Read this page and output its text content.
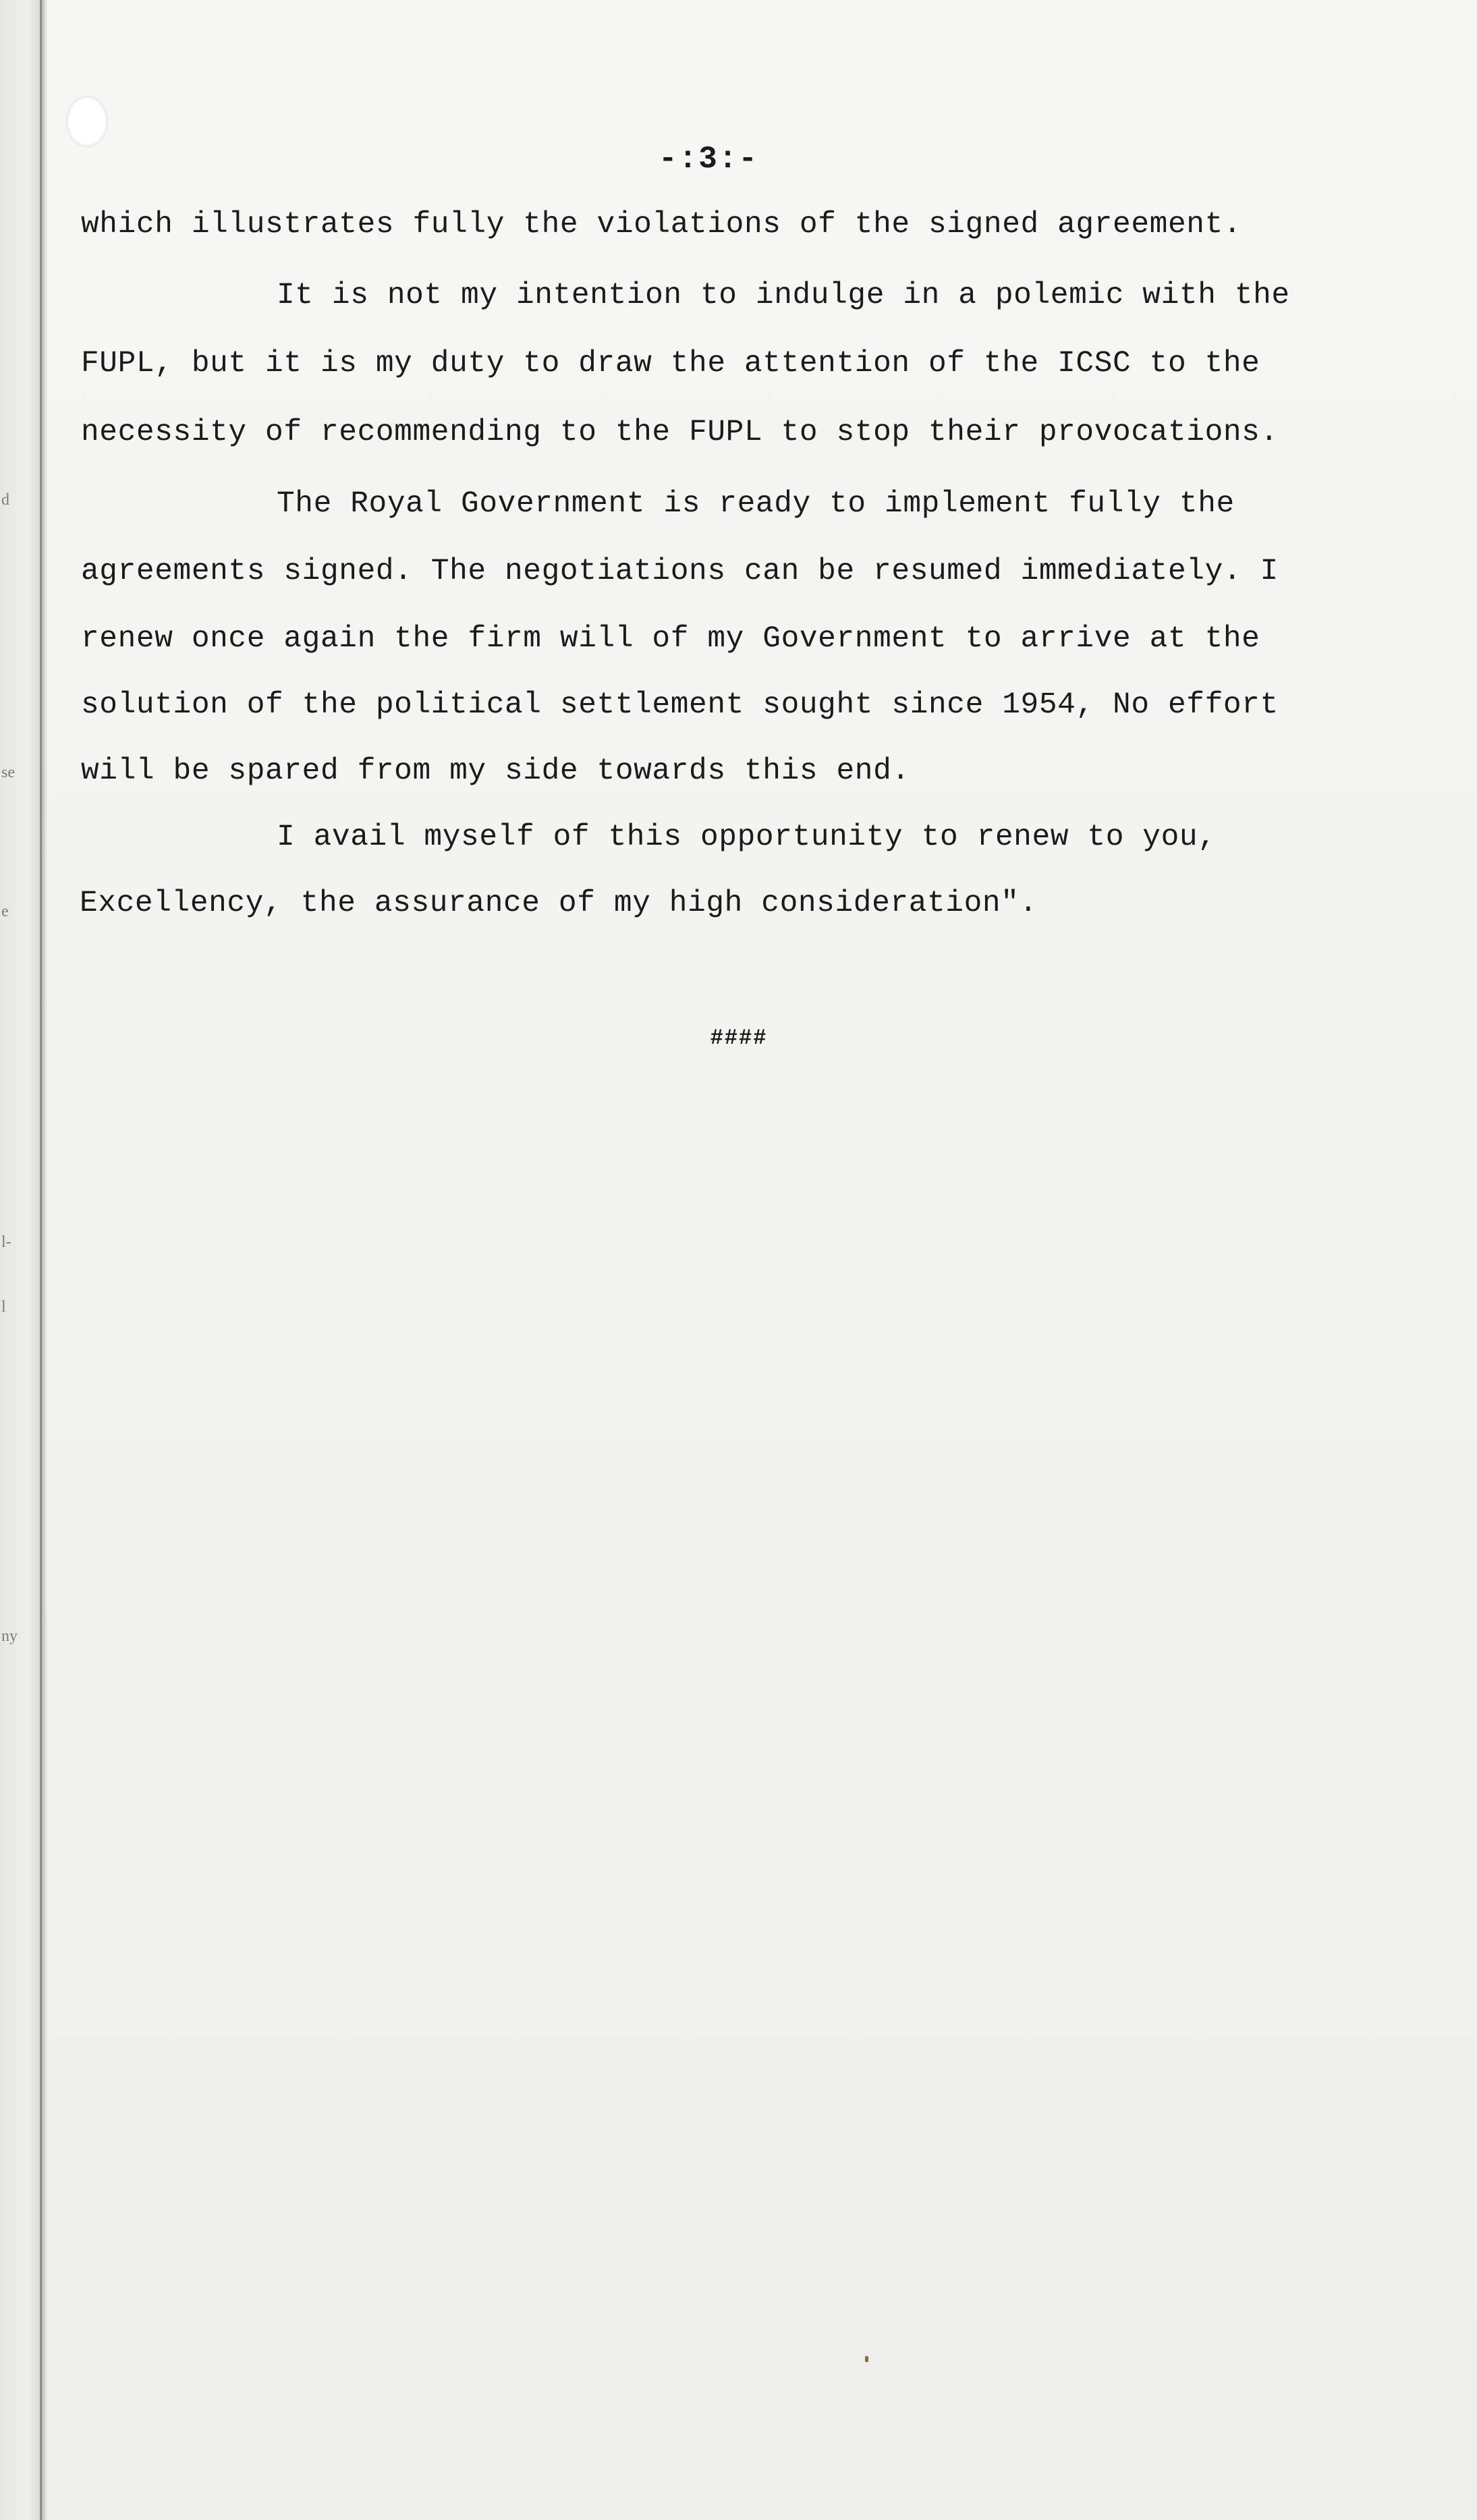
d
se
e
l-
l
ny
-:3:-
which illustrates fully the violations of the signed agreement.
It is not my intention to indulge in a polemic with the
FUPL, but it is my duty to draw the attention of the ICSC to the
necessity of recommending to the FUPL to stop their provocations.
The Royal Government is ready to implement fully the
agreements signed. The negotiations can be resumed immediately. I
renew once again the firm will of my Government to arrive at the
solution of the political settlement sought since 1954, No effort
will be spared from my side towards this end.
I avail myself of this opportunity to renew to you,
Excellency, the assurance of my high consideration".
####
